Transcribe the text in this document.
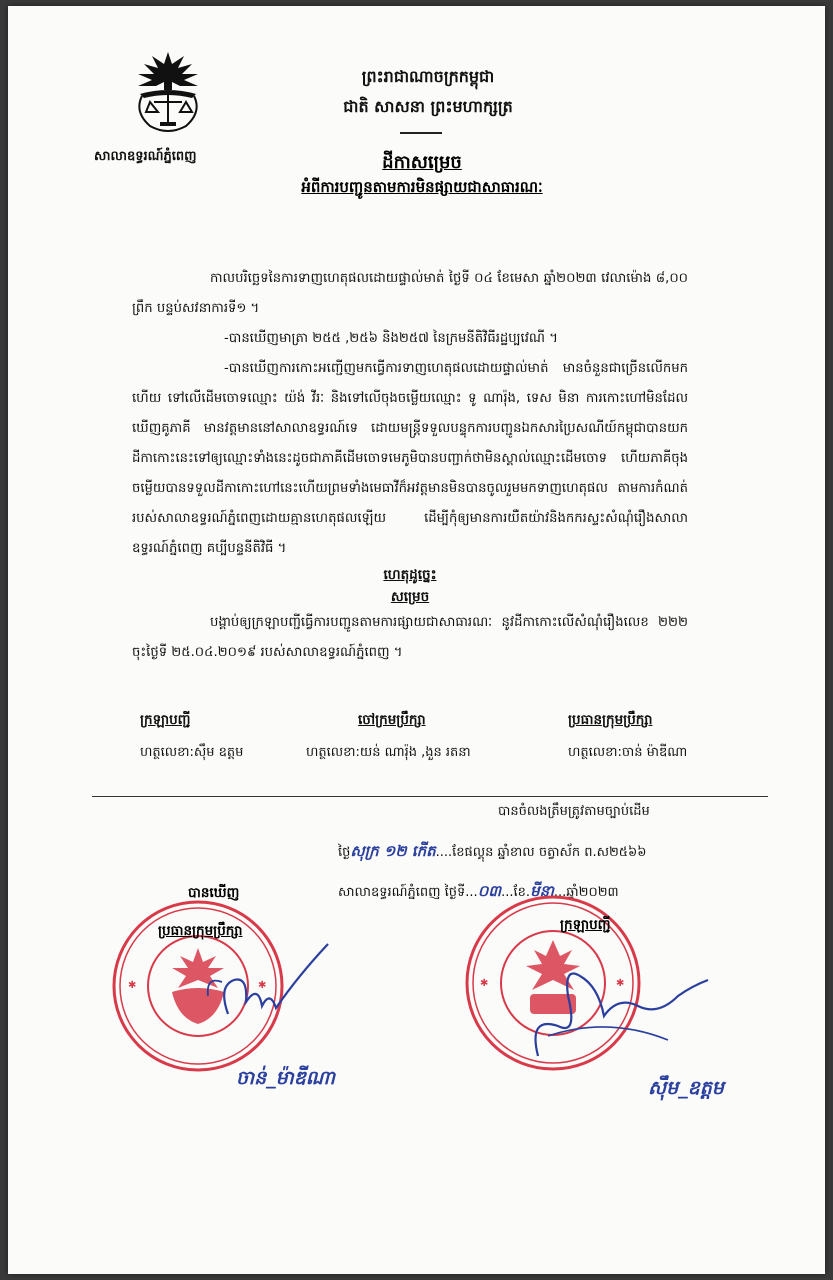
សាលាឧទ្ធរណ៍ភ្នំពេញ
ព្រះរាជាណាចក្រកម្ពុជា
ជាតិ សាសនា ព្រះមហាក្សត្រ
ដីកាសម្រេច
អំពីការបញ្ជូនតាមការមិនផ្សាយជាសាធារណៈ

កាលបរិច្ឆេទនៃការទាញហេតុផលដោយផ្ទាល់មាត់ ថ្ងៃទី ០៤ ខែមេសា ឆ្នាំ២០២៣ វេលាម៉ោង ៨,០០ ព្រឹក បន្ទប់សវនាការទី១ ។

-បានឃើញមាត្រា ២៥៥ ,២៥៦ និង២៥៧ នៃក្រមនីតិវិធីរដ្ឋប្បវេណី ។

-បានឃើញការកោះអញ្ជើញមកធ្វើការទាញហេតុផលដោយផ្ទាល់មាត់ មានចំនួនជាច្រើនលើកមកហើយ ទៅលើដើមចោទឈ្មោះ យ៉ង់ វីរៈ និងទៅលើចុងចម្លើយឈ្មោះ ទូ ណារ៉ុង, ទេស មិនា ការកោះហៅមិនដែលឃើញគូភាគី មានវត្តមាននៅសាលាឧទ្ធរណ៍ទេ ដោយមន្ត្រីទទួលបន្ទុកការបញ្ជូនឯកសារប្រៃសណីយ៍កម្ពុជាបានយកដីកាកោះនេះទៅឲ្យឈ្មោះទាំងនេះដូចជាភាគីដើមចោទមេភូមិបានបញ្ជាក់ថាមិនស្គាល់ឈ្មោះដើមចោទ ហើយភាគីចុងចម្លើយបានទទួលដីកាកោះហៅនេះហើយព្រមទាំងមេធាវីក៏អវត្តមានមិនបានចូលរួមមកទាញហេតុផល តាមការកំណត់របស់សាលាឧទ្ធរណ៍ភ្នំពេញដោយគ្មានហេតុផលឡើយ ដើម្បីកុំឲ្យមានការយឺតយ៉ាវនិងកករស្ទះសំណុំរឿងសាលាឧទ្ធរណ៍ភ្នំពេញ គប្បីបន្ទនីតិវិធី ។

ហេតុដូច្នេះ
សម្រេច

បង្គាប់ឲ្យក្រឡាបញ្ជីធ្វើការបញ្ជូនតាមការផ្សាយជាសាធារណៈ នូវដីកាកោះលើសំណុំរឿងលេខ ២២២ ចុះថ្ងៃទី ២៥.០៤.២០១៩ របស់សាលាឧទ្ធរណ៍ភ្នំពេញ ។

ក្រឡាបញ្ជី	ចៅក្រមប្រឹក្សា	ប្រធានក្រុមប្រឹក្សា
ហត្ថលេខា:ស៊ឹម ឧត្តម	ហត្ថលេខា:យន់ ណារ៉ុង ,ងួន រតនា	ហត្ថលេខា:ចាន់ ម៉ាឌីណា
បានចំលងត្រឹមត្រូវតាមច្បាប់ដើម
ថ្ងៃសុក្រ ១២ កើត....ខែផល្គុន ឆ្នាំខាល ចត្វាស័ក ព.ស២៥៦៦
សាលាឧទ្ធរណ៍ភ្នំពេញ ថ្ងៃទី...០៣...ខែ.មីនា...ឆ្នាំ២០២៣
បានឃើញ
✱	✱
ប្រធានក្រុមប្រឹក្សា
ចាន់_ម៉ាឌីណា
✱	✱
ក្រឡាបញ្ជី
ស៊ឹម_ឧត្តម
